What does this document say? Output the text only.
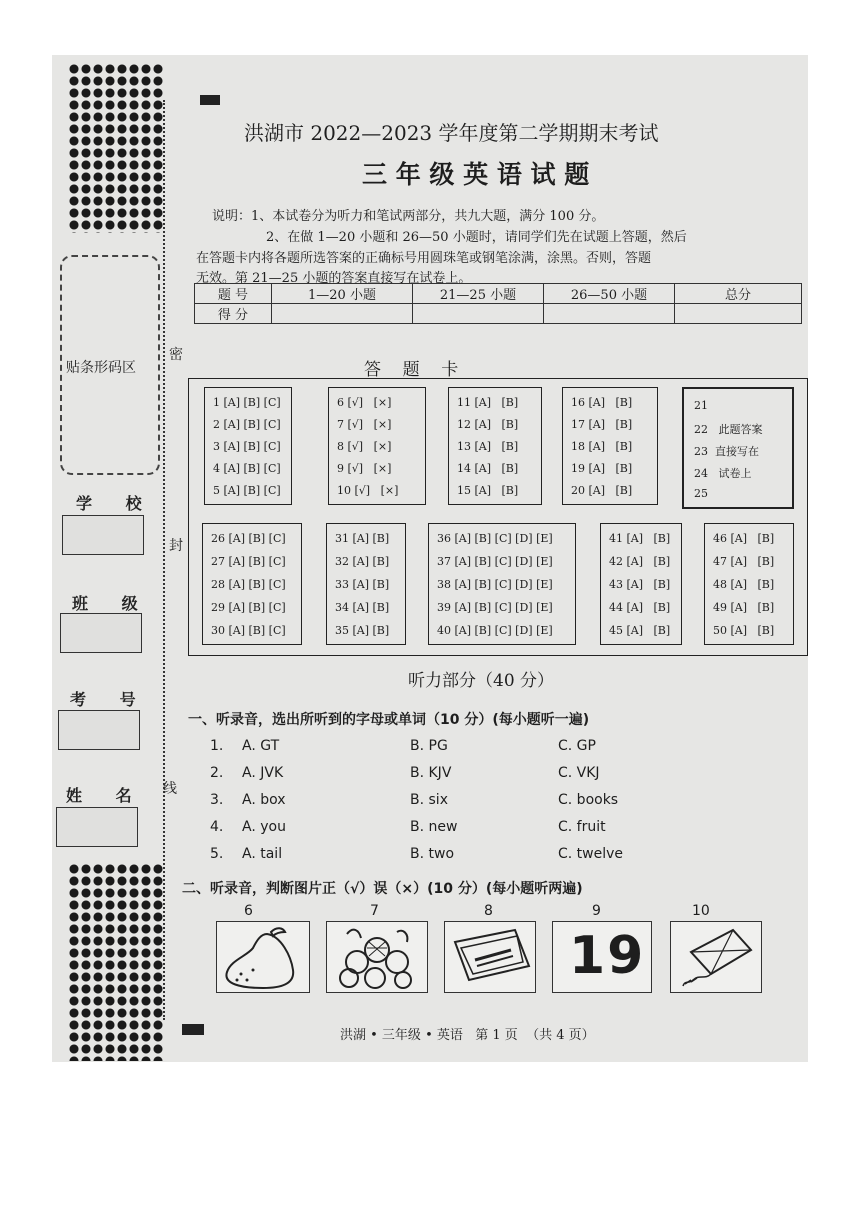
贴条形码区
学 校
班 级
考 号
姓 名
密
封
线
洪湖市 2022—2023 学年度第二学期期末考试
三 年 级 英 语 试 题
说明：1、本试卷分为听力和笔试两部分，共九大题，满分 100 分。
2、在做 1—20 小题和 26—50 小题时，请同学们先在试题上答题，然后
在答题卡内将各题所选答案的正确标号用圆珠笔或钢笔涂满，涂黑。否则，答题
无效。第 21—25 小题的答案直接写在试卷上。
题 号	1—20 小题	21—25 小题	26—50 小题	总分
得 分				
答    题    卡
1 [A] [B] [C]
2 [A] [B] [C]
3 [A] [B] [C]
4 [A] [B] [C]
5 [A] [B] [C]
6 [√]   [×]
7 [√]   [×]
8 [√]   [×]
9 [√]   [×]
10 [√]   [×]
11 [A]   [B]
12 [A]   [B]
13 [A]   [B]
14 [A]   [B]
15 [A]   [B]
16 [A]   [B]
17 [A]   [B]
18 [A]   [B]
19 [A]   [B]
20 [A]   [B]
21
22   此题答案
23  直接写在
24   试卷上
25
26 [A] [B] [C]
27 [A] [B] [C]
28 [A] [B] [C]
29 [A] [B] [C]
30 [A] [B] [C]
31 [A] [B]
32 [A] [B]
33 [A] [B]
34 [A] [B]
35 [A] [B]
36 [A] [B] [C] [D] [E]
37 [A] [B] [C] [D] [E]
38 [A] [B] [C] [D] [E]
39 [A] [B] [C] [D] [E]
40 [A] [B] [C] [D] [E]
41 [A]   [B]
42 [A]   [B]
43 [A]   [B]
44 [A]   [B]
45 [A]   [B]
46 [A]   [B]
47 [A]   [B]
48 [A]   [B]
49 [A]   [B]
50 [A]   [B]
听力部分（40 分）
一、听录音，选出所听到的字母或单词（10 分）(每小题听一遍)
1. A. GT	B. PG	C. GP
2. A. JVK	B. KJV	C. VKJ
3. A. box	B. six	C. books
4. A. you	B. new	C. fruit
5. A. tail	B. two	C. twelve
二、听录音，判断图片正（√）误（×）(10 分）(每小题听两遍)
6	7	8	9
19
10
洪湖 • 三年级 • 英语   第 1 页  （共 4 页）
